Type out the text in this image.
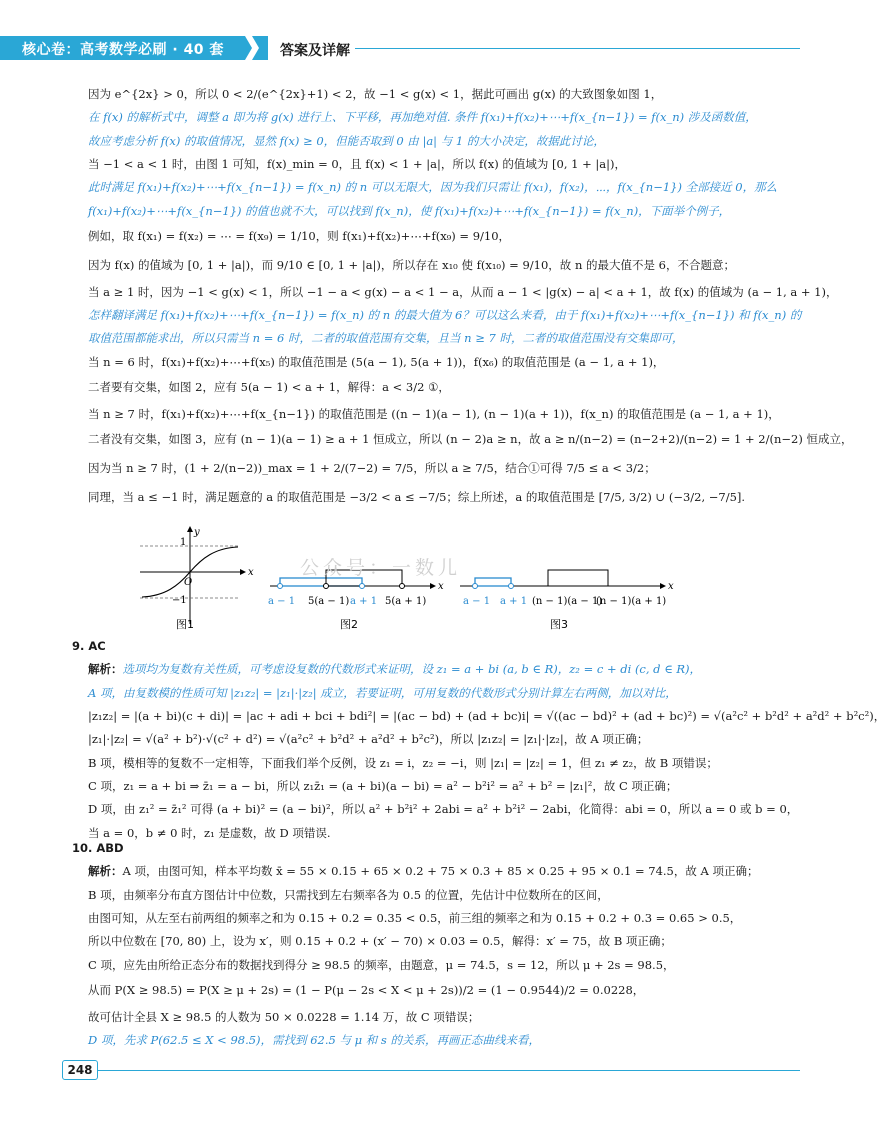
核心卷：高考数学必刷 · 40 套	答案及详解
因为 e^{2x} > 0，所以 0 < 2/(e^{2x}+1) < 2，故 −1 < g(x) < 1，据此可画出 g(x) 的大致图象如图 1，
在 f(x) 的解析式中，调整 a 即为将 g(x) 进行上、下平移，再加绝对值. 条件 f(x₁)+f(x₂)+⋯+f(x_{n−1}) = f(x_n) 涉及函数值，
故应考虑分析 f(x) 的取值情况，显然 f(x) ≥ 0，但能否取到 0 由 |a| 与 1 的大小决定，故据此讨论，
当 −1 < a < 1 时，由图 1 可知，f(x)_min = 0，且 f(x) < 1 + |a|，所以 f(x) 的值域为 [0, 1 + |a|)，
此时满足 f(x₁)+f(x₂)+⋯+f(x_{n−1}) = f(x_n) 的 n 可以无限大，因为我们只需让 f(x₁)，f(x₂)，⋯，f(x_{n−1}) 全部接近 0，那么
f(x₁)+f(x₂)+⋯+f(x_{n−1}) 的值也就不大，可以找到 f(x_n)，使 f(x₁)+f(x₂)+⋯+f(x_{n−1}) = f(x_n)，下面举个例子，
例如，取 f(x₁) = f(x₂) = ⋯ = f(x₉) = 1/10，则 f(x₁)+f(x₂)+⋯+f(x₉) = 9/10，
因为 f(x) 的值域为 [0, 1 + |a|)，而 9/10 ∈ [0, 1 + |a|)，所以存在 x₁₀ 使 f(x₁₀) = 9/10，故 n 的最大值不是 6，不合题意；
当 a ≥ 1 时，因为 −1 < g(x) < 1，所以 −1 − a < g(x) − a < 1 − a，从而 a − 1 < |g(x) − a| < a + 1，故 f(x) 的值域为 (a − 1, a + 1)，
怎样翻译满足 f(x₁)+f(x₂)+⋯+f(x_{n−1}) = f(x_n) 的 n 的最大值为 6？可以这么来看，由于 f(x₁)+f(x₂)+⋯+f(x_{n−1}) 和 f(x_n) 的
取值范围都能求出，所以只需当 n = 6 时，二者的取值范围有交集，且当 n ≥ 7 时，二者的取值范围没有交集即可，
当 n = 6 时，f(x₁)+f(x₂)+⋯+f(x₅) 的取值范围是 (5(a − 1), 5(a + 1))，f(x₆) 的取值范围是 (a − 1, a + 1)，
二者要有交集，如图 2，应有 5(a − 1) < a + 1，解得：a < 3/2 ①，
当 n ≥ 7 时，f(x₁)+f(x₂)+⋯+f(x_{n−1}) 的取值范围是 ((n − 1)(a − 1), (n − 1)(a + 1))，f(x_n) 的取值范围是 (a − 1, a + 1)，
二者没有交集，如图 3，应有 (n − 1)(a − 1) ≥ a + 1 恒成立，所以 (n − 2)a ≥ n，故 a ≥ n/(n−2) = (n−2+2)/(n−2) = 1 + 2/(n−2) 恒成立，
因为当 n ≥ 7 时，(1 + 2/(n−2))_max = 1 + 2/(7−2) = 7/5，所以 a ≥ 7/5，结合①可得 7/5 ≤ a < 3/2；
同理，当 a ≤ −1 时，满足题意的 a 的取值范围是 −3/2 < a ≤ −7/5；综上所述，a 的取值范围是 [7/5, 3/2) ∪ (−3/2, −7/5].
y
x
O
1
−1
图1
a − 1 5(a − 1) a + 1 5(a + 1)
x
图2
a − 1 a + 1 (n − 1)(a − 1)
(n − 1)(a + 1)
x
图3
公众号：一数儿
9. AC
解析：选项均为复数有关性质，可考虑设复数的代数形式来证明，设 z₁ = a + bi (a, b ∈ R)，z₂ = c + di (c, d ∈ R)，
A 项，由复数模的性质可知 |z₁z₂| = |z₁|·|z₂| 成立，若要证明，可用复数的代数形式分别计算左右两侧，加以对比，
|z₁z₂| = |(a + bi)(c + di)| = |ac + adi + bci + bdi²| = |(ac − bd) + (ad + bc)i| = √((ac − bd)² + (ad + bc)²) = √(a²c² + b²d² + a²d² + b²c²)，
|z₁|·|z₂| = √(a² + b²)·√(c² + d²) = √(a²c² + b²d² + a²d² + b²c²)，所以 |z₁z₂| = |z₁|·|z₂|，故 A 项正确；
B 项，模相等的复数不一定相等，下面我们举个反例，设 z₁ = i，z₂ = −i，则 |z₁| = |z₂| = 1，但 z₁ ≠ z₂，故 B 项错误；
C 项，z₁ = a + bi ⇒ z̄₁ = a − bi，所以 z₁z̄₁ = (a + bi)(a − bi) = a² − b²i² = a² + b² = |z₁|²，故 C 项正确；
D 项，由 z₁² = z̄₁² 可得 (a + bi)² = (a − bi)²，所以 a² + b²i² + 2abi = a² + b²i² − 2abi，化简得：abi = 0，所以 a = 0 或 b = 0，
当 a = 0，b ≠ 0 时，z₁ 是虚数，故 D 项错误.
10. ABD
解析：A 项，由图可知，样本平均数 x̄ = 55 × 0.15 + 65 × 0.2 + 75 × 0.3 + 85 × 0.25 + 95 × 0.1 = 74.5，故 A 项正确；
B 项，由频率分布直方图估计中位数，只需找到左右频率各为 0.5 的位置，先估计中位数所在的区间，
由图可知，从左至右前两组的频率之和为 0.15 + 0.2 = 0.35 < 0.5，前三组的频率之和为 0.15 + 0.2 + 0.3 = 0.65 > 0.5，
所以中位数在 [70, 80) 上，设为 x′，则 0.15 + 0.2 + (x′ − 70) × 0.03 = 0.5，解得：x′ = 75，故 B 项正确；
C 项，应先由所给正态分布的数据找到得分 ≥ 98.5 的频率，由题意，μ = 74.5，s = 12，所以 μ + 2s = 98.5，
从而 P(X ≥ 98.5) = P(X ≥ μ + 2s) = (1 − P(μ − 2s < X < μ + 2s))/2 = (1 − 0.9544)/2 = 0.0228，
故可估计全县 X ≥ 98.5 的人数为 50 × 0.0228 = 1.14 万，故 C 项错误；
D 项，先求 P(62.5 ≤ X < 98.5)，需找到 62.5 与 μ 和 s 的关系，再画正态曲线来看，
248
